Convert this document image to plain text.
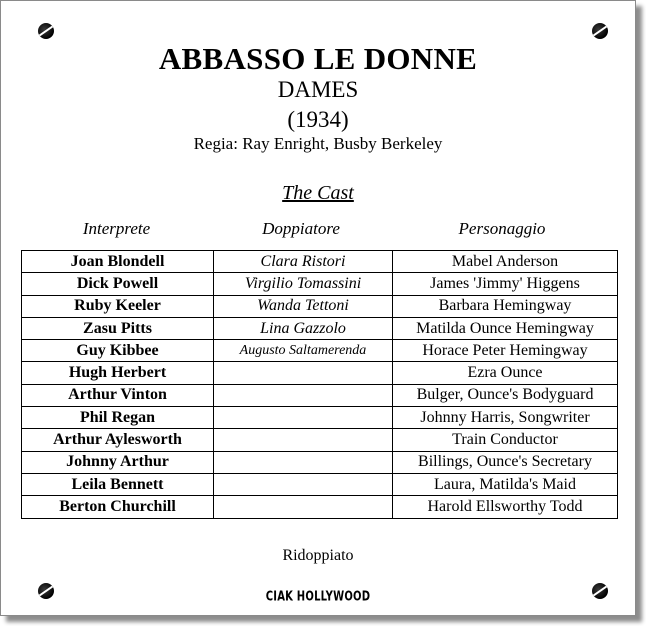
ABBASSO LE DONNE
DAMES
(1934)
Regia: Ray Enright, Busby Berkeley
The Cast
Interprete	Doppiatore	Personaggio
Joan Blondell	Clara Ristori	Mabel Anderson
Dick Powell	Virgilio Tomassini	James 'Jimmy' Higgens
Ruby Keeler	Wanda Tettoni	Barbara Hemingway
Zasu Pitts	Lina Gazzolo	Matilda Ounce Hemingway
Guy Kibbee	Augusto Saltamerenda	Horace Peter Hemingway
Hugh Herbert		Ezra Ounce
Arthur Vinton		Bulger, Ounce's Bodyguard
Phil Regan		Johnny Harris, Songwriter
Arthur Aylesworth		Train Conductor
Johnny Arthur		Billings, Ounce's Secretary
Leila Bennett		Laura, Matilda's Maid
Berton Churchill		Harold Ellsworthy Todd
Ridoppiato
CIAK HOLLYWOOD
